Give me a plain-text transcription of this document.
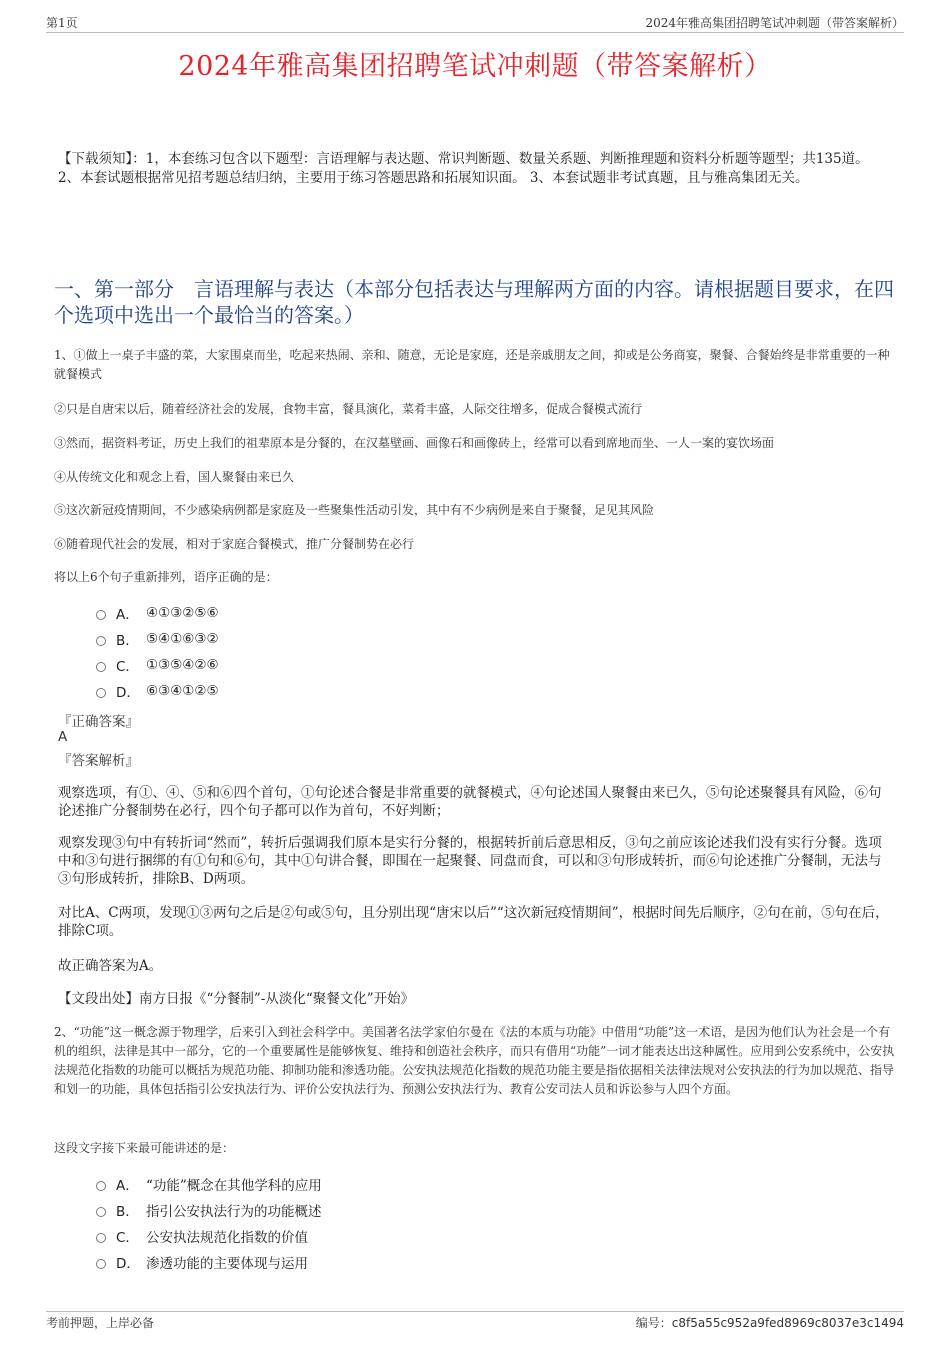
第1页	2024年雅高集团招聘笔试冲刺题（带答案解析）
2024年雅高集团招聘笔试冲刺题（带答案解析）
【下载须知】：1，本套练习包含以下题型：言语理解与表达题、常识判断题、数量关系题、判断推理题和资料分析题等题型；共135道。 2、本套试题根据常见招考题总结归纳，主要用于练习答题思路和拓展知识面。 3、本套试题非考试真题，且与雅高集团无关。
一、第一部分　言语理解与表达（本部分包括表达与理解两方面的内容。请根据题目要求，在四个选项中选出一个最恰当的答案。）
1、①做上一桌子丰盛的菜，大家围桌而坐，吃起来热闹、亲和、随意，无论是家庭，还是亲戚朋友之间，抑或是公务商宴，聚餐、合餐始终是非常重要的一种就餐模式
②只是自唐宋以后，随着经济社会的发展，食物丰富，餐具演化，菜肴丰盛，人际交往增多，促成合餐模式流行
③然而，据资料考证，历史上我们的祖辈原本是分餐的，在汉墓壁画、画像石和画像砖上，经常可以看到席地而坐、一人一案的宴饮场面
④从传统文化和观念上看，国人聚餐由来已久
⑤这次新冠疫情期间，不少感染病例都是家庭及一些聚集性活动引发，其中有不少病例是来自于聚餐，足见其风险
⑥随着现代社会的发展，相对于家庭合餐模式，推广分餐制势在必行
将以上6个句子重新排列，语序正确的是：
A． ④①③②⑤⑥
B． ⑤④①⑥③②
C． ①③⑤④②⑥
D． ⑥③④①②⑤
『正确答案』
A
『答案解析』
观察选项，有①、④、⑤和⑥四个首句，①句论述合餐是非常重要的就餐模式，④句论述国人聚餐由来已久，⑤句论述聚餐具有风险，⑥句论述推广分餐制势在必行，四个句子都可以作为首句，不好判断；
观察发现③句中有转折词“然而”，转折后强调我们原本是实行分餐的，根据转折前后意思相反，③句之前应该论述我们没有实行分餐。选项中和③句进行捆绑的有①句和⑥句，其中①句讲合餐，即围在一起聚餐、同盘而食，可以和③句形成转折，而⑥句论述推广分餐制，无法与③句形成转折，排除B、D两项。
对比A、C两项，发现①③两句之后是②句或⑤句，且分别出现“唐宋以后”“这次新冠疫情期间”，根据时间先后顺序，②句在前，⑤句在后，排除C项。
故正确答案为A。
【文段出处】南方日报《“分餐制”-从淡化“聚餐文化”开始》
2、“功能”这一概念源于物理学，后来引入到社会科学中。美国著名法学家伯尔曼在《法的本质与功能》中借用“功能”这一术语，是因为他们认为社会是一个有机的组织，法律是其中一部分，它的一个重要属性是能够恢复、维持和创造社会秩序，而只有借用“功能”一词才能表达出这种属性。应用到公安系统中，公安执法规范化指数的功能可以概括为规范功能、抑制功能和渗透功能。公安执法规范化指数的规范功能主要是指依据相关法律法规对公安执法的行为加以规范、指导和划一的功能，具体包括指引公安执法行为、评价公安执法行为、预测公安执法行为、教育公安司法人员和诉讼参与人四个方面。
这段文字接下来最可能讲述的是：
A． “功能”概念在其他学科的应用
B． 指引公安执法行为的功能概述
C． 公安执法规范化指数的价值
D． 渗透功能的主要体现与运用
考前押题，上岸必备	编号：c8f5a55c952a9fed8969c8037e3c1494
